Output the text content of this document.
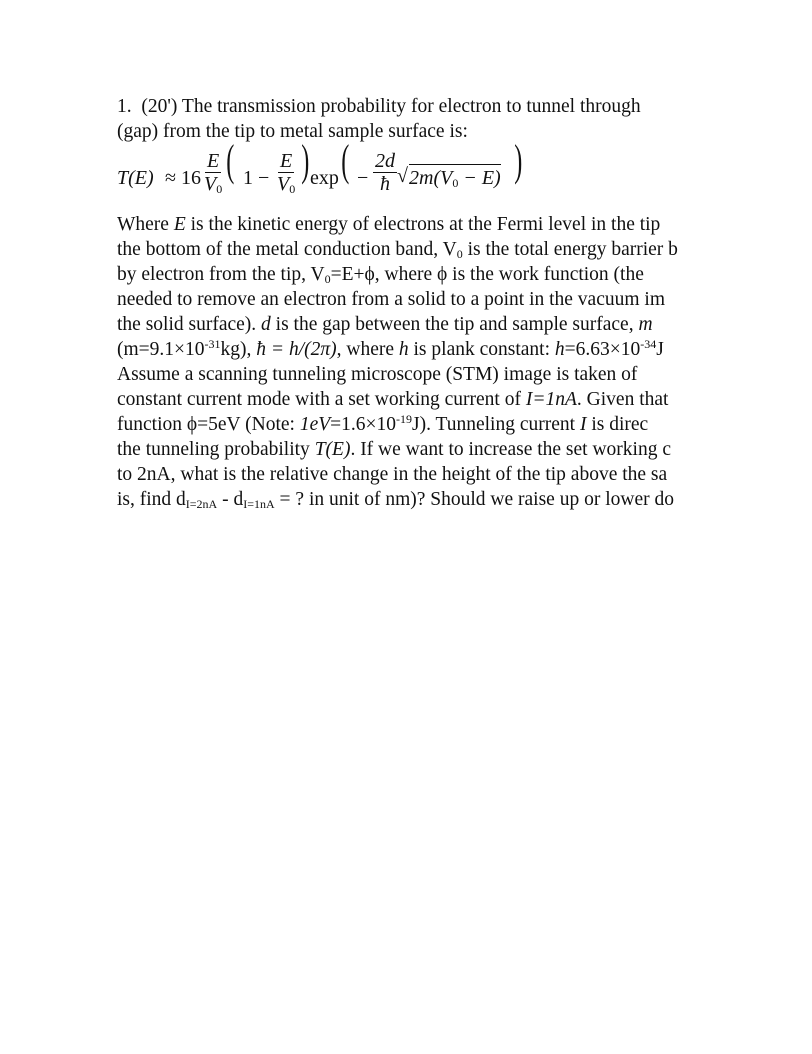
1. (20') The transmission probability for electron to tunnel through
(gap) from the tip to metal sample surface is:
$T(E) \approx 16 \frac{E}{V_0}$ ( $1 - \frac{E}{V_0}$ ) exp ( − $\frac{2d}{ħ}$ √ $2m(V_0 - E)$ )
Where E is the kinetic energy of electrons at the Fermi level in the tip
the bottom of the metal conduction band, $V_0$ is the total energy barrier b
by electron from the tip, $V_0=E+\phi$, where ϕ is the work function (the
needed to remove an electron from a solid to a point in the vacuum im
the solid surface). d is the gap between the tip and sample surface, m
$(m=9.1\times 10^{-31}kg)$, ħ = h/(2π), where h is plank constant: $h=6.63\times 10^{-34}J$
Assume a scanning tunneling microscope (STM) image is taken of
constant current mode with a set working current of I=1nA. Given that
function ϕ=5eV (Note: $1eV=1.6\times 10^{-19}J$). Tunneling current I is direc
the tunneling probability T(E). If we want to increase the set working c
to 2nA, what is the relative change in the height of the tip above the sa
is, find $d_{I=2nA} - d_{I=1nA}$ = ? in unit of nm)? Should we raise up or lower do
